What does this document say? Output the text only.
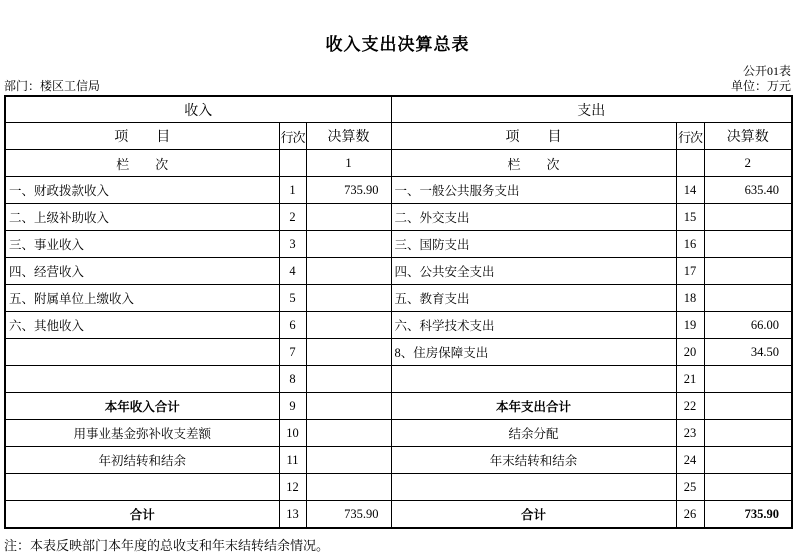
收入支出决算总表
公开01表
部门：楼区工信局	单位：万元
收入			支出		
项　　目	行次	决算数	项　　目	行次	决算数
栏　　次		1	栏　　次		2
一、财政拨款收入	1	735.90	一、一般公共服务支出	14	635.40
二、上级补助收入	2		二、外交支出	15	
三、事业收入	3		三、国防支出	16	
四、经营收入	4		四、公共安全支出	17	
五、附属单位上缴收入	5		五、教育支出	18	
六、其他收入	6		六、科学技术支出	19	66.00
	7		8、住房保障支出	20	34.50
	8			21	
本年收入合计	9		本年支出合计	22	
用事业基金弥补收支差额	10		结余分配	23	
年初结转和结余	11		年末结转和结余	24	
	12			25	
合计	13	735.90	合计	26	735.90
注：本表反映部门本年度的总收支和年末结转结余情况。
